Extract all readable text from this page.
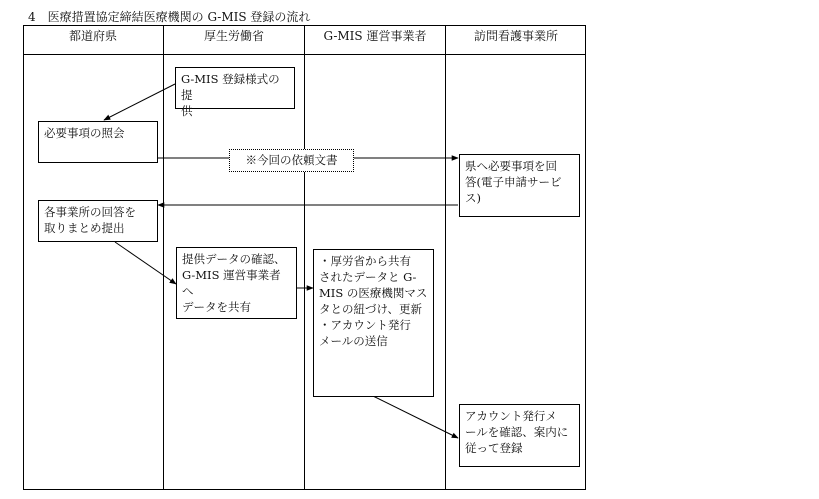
4　医療措置協定締結医療機関の G-MIS 登録の流れ
都道府県	厚生労働省	G-MIS 運営事業者	訪問看護事業所
G-MIS 登録様式の提
供
必要事項の照会
※今回の依頼文書	県へ必要事項を回
答(電子申請サービ
ス)
各事業所の回答を
取りまとめ提出
提供データの確認、
G-MIS 運営事業者へ
データを共有
・厚労省から共有
されたデータと G-
MIS の医療機関マス
タとの紐づけ、更新
・アカウント発行
メールの送信
アカウント発行メ
ールを確認、案内に
従って登録
